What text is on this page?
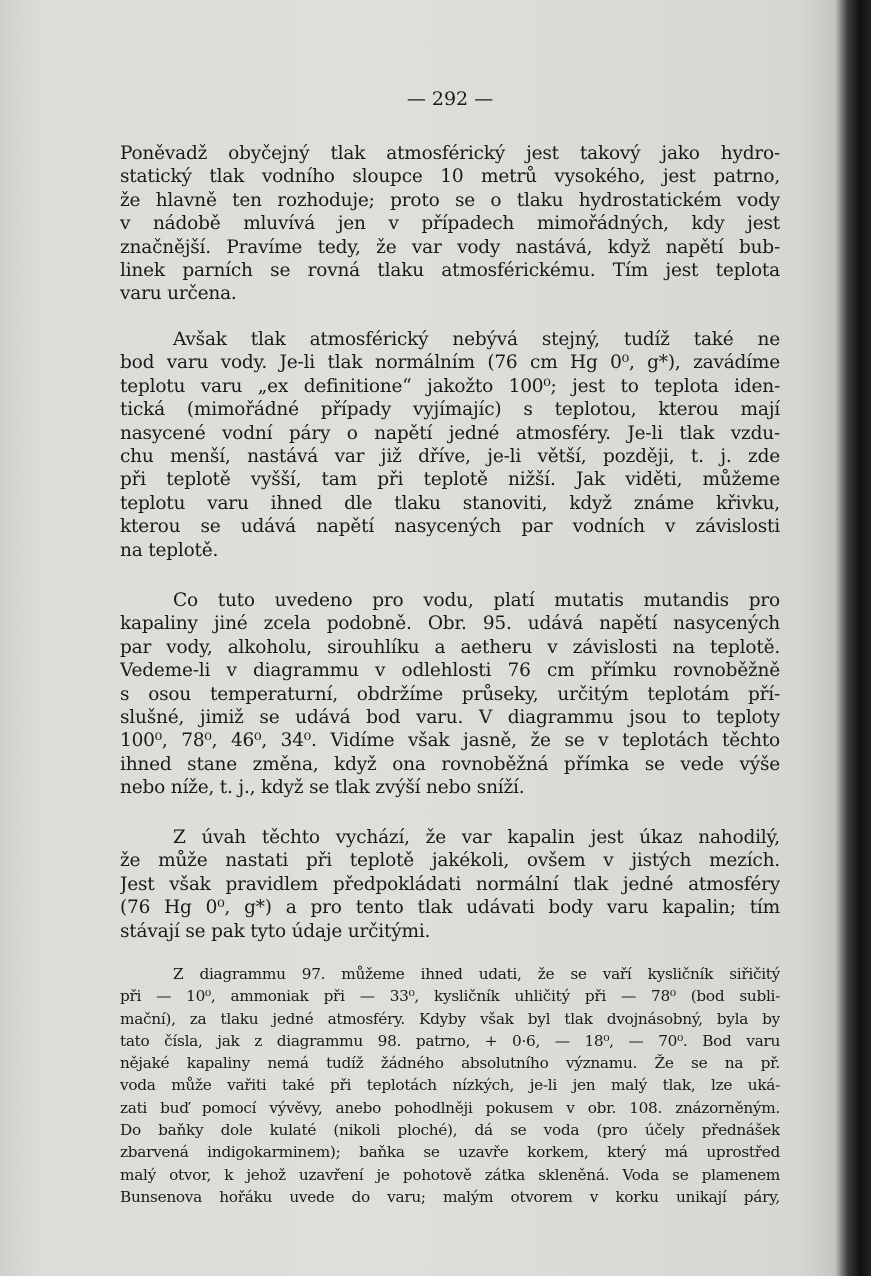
— 292 —
Poněvadž obyčejný tlak atmosférický jest takový jako hydro-
statický tlak vodního sloupce 10 metrů vysokého, jest patrno,
že hlavně ten rozhoduje; proto se o tlaku hydrostatickém vody
v nádobě mluvívá jen v případech mimořádných, kdy jest
značnější. Pravíme tedy, že var vody nastává, když napětí bub-
linek parních se rovná tlaku atmosférickému. Tím jest teplota
varu určena.
Avšak tlak atmosférický nebývá stejný, tudíž také ne
bod varu vody. Je-li tlak normálním (76 cm Hg 0⁰, g*), zavádíme
teplotu varu „ex definitione“ jakožto 100⁰; jest to teplota iden-
tická (mimořádné případy vyjímajíc) s teplotou, kterou mají
nasycené vodní páry o napětí jedné atmosféry. Je-li tlak vzdu-
chu menší, nastává var již dříve, je-li větší, později, t. j. zde
při teplotě vyšší, tam při teplotě nižší. Jak viděti, můžeme
teplotu varu ihned dle tlaku stanoviti, když známe křivku,
kterou se udává napětí nasycených par vodních v závislosti
na teplotě.
Co tuto uvedeno pro vodu, platí mutatis mutandis pro
kapaliny jiné zcela podobně. Obr. 95. udává napětí nasycených
par vody, alkoholu, sirouhlíku a aetheru v závislosti na teplotě.
Vedeme-li v diagrammu v odlehlosti 76 cm přímku rovnoběžně
s osou temperaturní, obdržíme průseky, určitým teplotám pří-
slušné, jimiž se udává bod varu. V diagrammu jsou to teploty
100⁰, 78⁰, 46⁰, 34⁰. Vidíme však jasně, že se v teplotách těchto
ihned stane změna, když ona rovnoběžná přímka se vede výše
nebo níže, t. j., když se tlak zvýší nebo sníží.
Z úvah těchto vychází, že var kapalin jest úkaz nahodilý,
že může nastati při teplotě jakékoli, ovšem v jistých mezích.
Jest však pravidlem předpokládati normální tlak jedné atmosféry
(76 Hg 0⁰, g*) a pro tento tlak udávati body varu kapalin; tím
stávají se pak tyto údaje určitými.
Z diagrammu 97. můžeme ihned udati, že se vaří kysličník siřičitý
při — 10⁰, ammoniak při — 33⁰, kysličník uhličitý při — 78⁰ (bod subli-
mační), za tlaku jedné atmosféry. Kdyby však byl tlak dvojnásobný, byla by
tato čísla, jak z diagrammu 98. patrno, + 0·6, — 18⁰, — 70⁰. Bod varu
nějaké kapaliny nemá tudíž žádného absolutního významu. Že se na př.
voda může vařiti také při teplotách nízkých, je-li jen malý tlak, lze uká-
zati buď pomocí vývěvy, anebo pohodlněji pokusem v obr. 108. znázorněným.
Do baňky dole kulaté (nikoli ploché), dá se voda (pro účely přednášek
zbarvená indigokarminem); baňka se uzavře korkem, který má uprostřed
malý otvor, k jehož uzavření je pohotově zátka skleněná. Voda se plamenem
Bunsenova hořáku uvede do varu; malým otvorem v korku unikají páry,
